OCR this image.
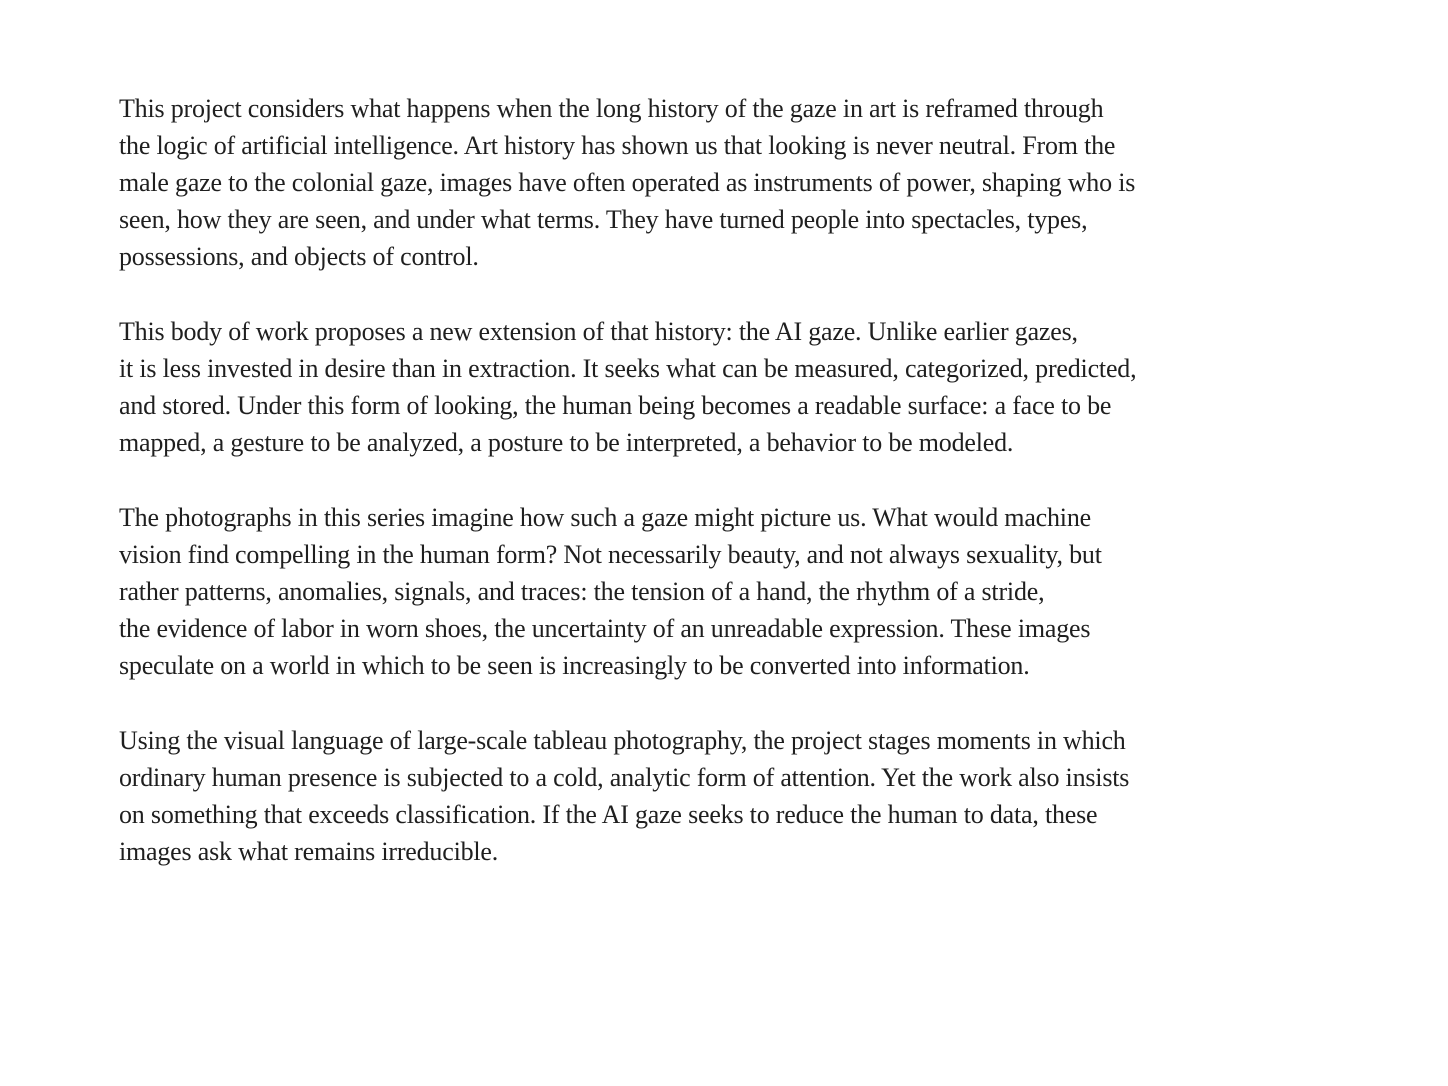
This project considers what happens when the long history of the gaze in art is reframed through
the logic of artificial intelligence. Art history has shown us that looking is never neutral. From the
male gaze to the colonial gaze, images have often operated as instruments of power, shaping who is
seen, how they are seen, and under what terms. They have turned people into spectacles, types,
possessions, and objects of control.

This body of work proposes a new extension of that history: the AI gaze. Unlike earlier gazes,
it is less invested in desire than in extraction. It seeks what can be measured, categorized, predicted,
and stored. Under this form of looking, the human being becomes a readable surface: a face to be
mapped, a gesture to be analyzed, a posture to be interpreted, a behavior to be modeled.

The photographs in this series imagine how such a gaze might picture us. What would machine
vision find compelling in the human form? Not necessarily beauty, and not always sexuality, but
rather patterns, anomalies, signals, and traces: the tension of a hand, the rhythm of a stride,
the evidence of labor in worn shoes, the uncertainty of an unreadable expression. These images
speculate on a world in which to be seen is increasingly to be converted into information.

Using the visual language of large-scale tableau photography, the project stages moments in which
ordinary human presence is subjected to a cold, analytic form of attention. Yet the work also insists
on something that exceeds classification. If the AI gaze seeks to reduce the human to data, these
images ask what remains irreducible.
